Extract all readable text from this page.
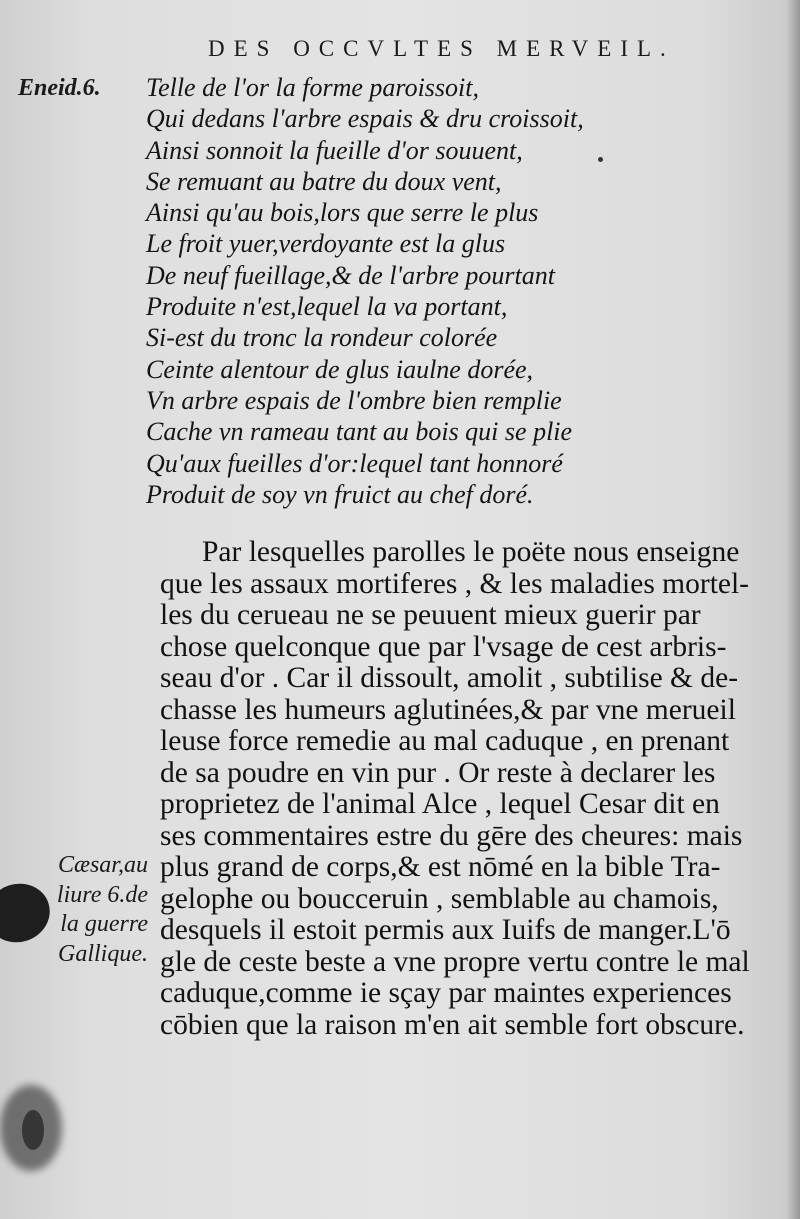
DES OCCVLTES MERVEIL.
Eneid.6. Telle de l'or la forme paroissoit,
Qui dedans l'arbre espais & dru croissoit,
Ainsi sonnoit la fueille d'or souuent,
Se remuant au batre du doux vent,
Ainsi qu'au bois,lors que serre le plus
Le froit yuer,verdoyante est la glus
De neuf fueillage,& de l'arbre pourtant
Produite n'est,lequel la va portant,
Si-est du tronc la rondeur colorée
Ceinte alentour de glus iaulne dorée,
Vn arbre espais de l'ombre bien remplie
Cache vn rameau tant au bois qui se plie
Qu'aux fueilles d'or:lequel tant honnoré
Produit de soy vn fruict au chef doré.
Par lesquelles parolles le poëte nous enseigne
que les assaux mortiferes , & les maladies mortel-
les du cerueau ne se peuuent mieux guerir par
chose quelconque que par l'vsage de cest arbris-
seau d'or . Car il dissoult, amolit , subtilise & de-
chasse les humeurs aglutinées,& par vne merueil
leuse force remedie au mal caduque , en prenant
de sa poudre en vin pur . Or reste à declarer les
proprietez de l'animal Alce , lequel Cesar dit en
ses commentaires estre du gēre des cheures: mais
plus grand de corps,& est nōmé en la bible Tra-
gelophe ou boucceruin , semblable au chamois,
desquels il estoit permis aux Iuifs de manger.L'ō
gle de ceste beste a vne propre vertu contre le mal
caduque,comme ie sçay par maintes experiences
cōbien que la raison m'en ait semble fort obscure.
Cæsar,au
liure 6.de
la guerre
Gallique.
